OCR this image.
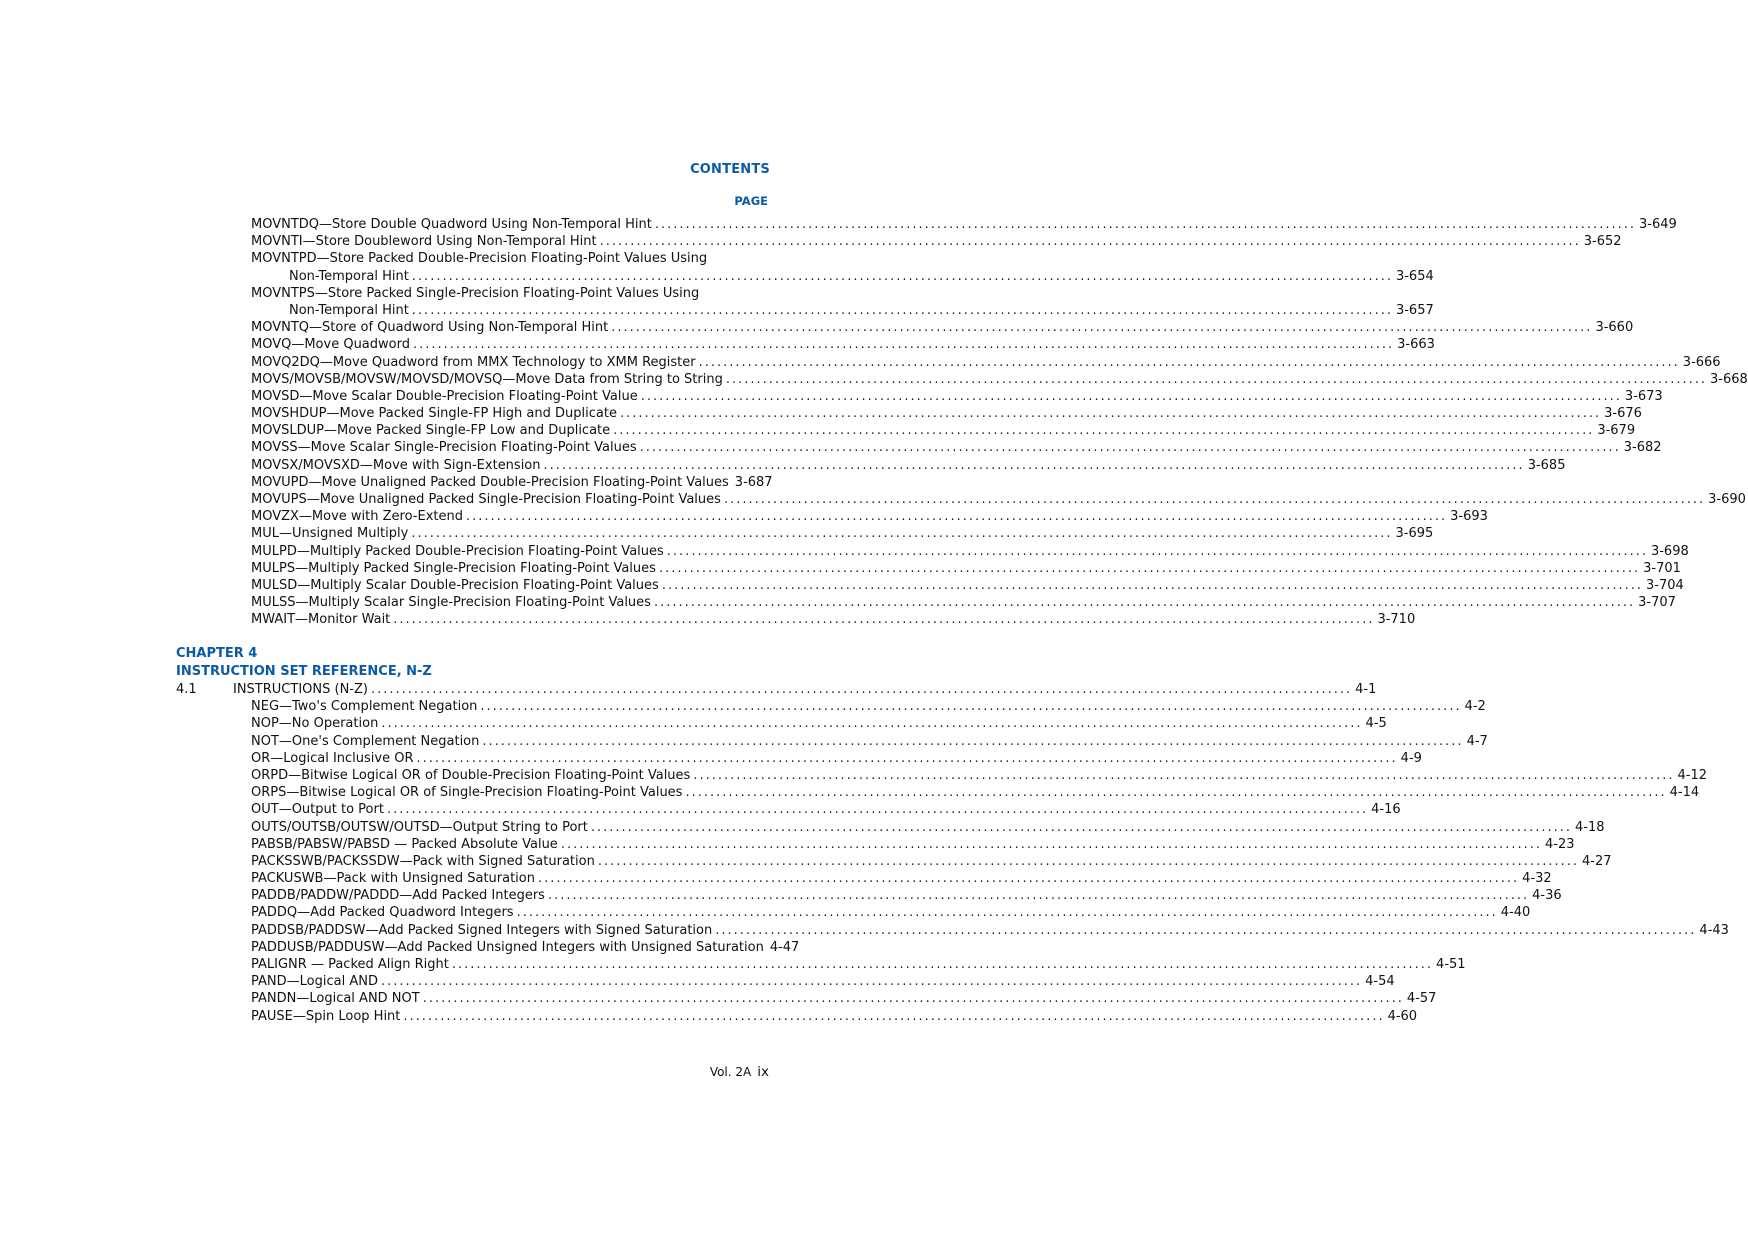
CONTENTS
PAGE
MOVNTDQ—Store Double Quadword Using Non-Temporal Hint ................................................................................................................................................................ 3-649
MOVNTI—Store Doubleword Using Non-Temporal Hint ................................................................................................................................................................ 3-652
MOVNTPD—Store Packed Double-Precision Floating-Point Values Using
Non-Temporal Hint ................................................................................................................................................................ 3-654
MOVNTPS—Store Packed Single-Precision Floating-Point Values Using
Non-Temporal Hint ................................................................................................................................................................ 3-657
MOVNTQ—Store of Quadword Using Non-Temporal Hint ................................................................................................................................................................ 3-660
MOVQ—Move Quadword ................................................................................................................................................................ 3-663
MOVQ2DQ—Move Quadword from MMX Technology to XMM Register ................................................................................................................................................................ 3-666
MOVS/MOVSB/MOVSW/MOVSD/MOVSQ—Move Data from String to String ................................................................................................................................................................ 3-668
MOVSD—Move Scalar Double-Precision Floating-Point Value ................................................................................................................................................................ 3-673
MOVSHDUP—Move Packed Single-FP High and Duplicate ................................................................................................................................................................ 3-676
MOVSLDUP—Move Packed Single-FP Low and Duplicate ................................................................................................................................................................ 3-679
MOVSS—Move Scalar Single-Precision Floating-Point Values ................................................................................................................................................................ 3-682
MOVSX/MOVSXD—Move with Sign-Extension ................................................................................................................................................................ 3-685
MOVUPD—Move Unaligned Packed Double-Precision Floating-Point Values 3-687
MOVUPS—Move Unaligned Packed Single-Precision Floating-Point Values ................................................................................................................................................................ 3-690
MOVZX—Move with Zero-Extend ................................................................................................................................................................ 3-693
MUL—Unsigned Multiply ................................................................................................................................................................ 3-695
MULPD—Multiply Packed Double-Precision Floating-Point Values ................................................................................................................................................................ 3-698
MULPS—Multiply Packed Single-Precision Floating-Point Values ................................................................................................................................................................ 3-701
MULSD—Multiply Scalar Double-Precision Floating-Point Values ................................................................................................................................................................ 3-704
MULSS—Multiply Scalar Single-Precision Floating-Point Values ................................................................................................................................................................ 3-707
MWAIT—Monitor Wait ................................................................................................................................................................ 3-710
CHAPTER 4
INSTRUCTION SET REFERENCE, N-Z
4.1	INSTRUCTIONS (N-Z) ................................................................................................................................................................ 4-1
NEG—Two's Complement Negation ................................................................................................................................................................ 4-2
NOP—No Operation ................................................................................................................................................................ 4-5
NOT—One's Complement Negation ................................................................................................................................................................ 4-7
OR—Logical Inclusive OR ................................................................................................................................................................ 4-9
ORPD—Bitwise Logical OR of Double-Precision Floating-Point Values ................................................................................................................................................................ 4-12
ORPS—Bitwise Logical OR of Single-Precision Floating-Point Values ................................................................................................................................................................ 4-14
OUT—Output to Port ................................................................................................................................................................ 4-16
OUTS/OUTSB/OUTSW/OUTSD—Output String to Port ................................................................................................................................................................ 4-18
PABSB/PABSW/PABSD — Packed Absolute Value ................................................................................................................................................................ 4-23
PACKSSWB/PACKSSDW—Pack with Signed Saturation ................................................................................................................................................................ 4-27
PACKUSWB—Pack with Unsigned Saturation ................................................................................................................................................................ 4-32
PADDB/PADDW/PADDD—Add Packed Integers ................................................................................................................................................................ 4-36
PADDQ—Add Packed Quadword Integers ................................................................................................................................................................ 4-40
PADDSB/PADDSW—Add Packed Signed Integers with Signed Saturation ................................................................................................................................................................ 4-43
PADDUSB/PADDUSW—Add Packed Unsigned Integers with Unsigned Saturation 4-47
PALIGNR — Packed Align Right ................................................................................................................................................................ 4-51
PAND—Logical AND ................................................................................................................................................................ 4-54
PANDN—Logical AND NOT ................................................................................................................................................................ 4-57
PAUSE—Spin Loop Hint ................................................................................................................................................................ 4-60
Vol. 2A ix
